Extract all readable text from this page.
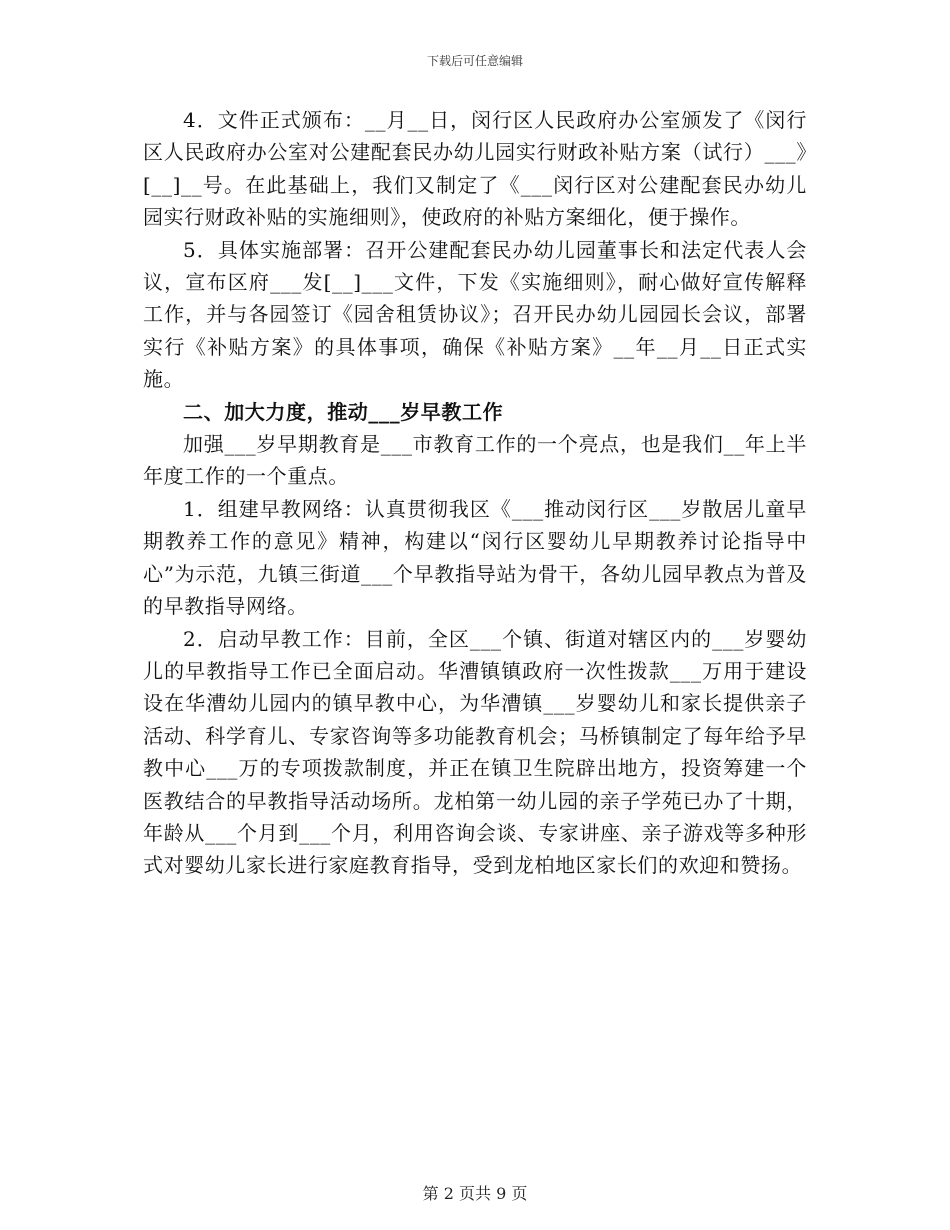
下载后可任意编辑

4．文件正式颁布：__月__日，闵行区人民政府办公室颁发了《闵行区人民政府办公室对公建配套民办幼儿园实行财政补贴方案（试行）___》[__]__号。在此基础上，我们又制定了《___闵行区对公建配套民办幼儿园实行财政补贴的实施细则》，使政府的补贴方案细化，便于操作。

5．具体实施部署：召开公建配套民办幼儿园董事长和法定代表人会议，宣布区府___发[__]___文件，下发《实施细则》，耐心做好宣传解释工作，并与各园签订《园舍租赁协议》；召开民办幼儿园园长会议，部署实行《补贴方案》的具体事项，确保《补贴方案》__年__月__日正式实施。

二、加大力度，推动___岁早教工作

加强___岁早期教育是___市教育工作的一个亮点，也是我们__年上半年度工作的一个重点。

1．组建早教网络：认真贯彻我区《___推动闵行区___岁散居儿童早期教养工作的意见》精神，构建以“闵行区婴幼儿早期教养讨论指导中心”为示范，九镇三街道___个早教指导站为骨干，各幼儿园早教点为普及的早教指导网络。

2．启动早教工作：目前，全区___个镇、街道对辖区内的___岁婴幼儿的早教指导工作已全面启动。华漕镇镇政府一次性拨款___万用于建设设在华漕幼儿园内的镇早教中心，为华漕镇___岁婴幼儿和家长提供亲子活动、科学育儿、专家咨询等多功能教育机会；马桥镇制定了每年给予早教中心___万的专项拨款制度，并正在镇卫生院辟出地方，投资筹建一个医教结合的早教指导活动场所。龙柏第一幼儿园的亲子学苑已办了十期，年龄从___个月到___个月，利用咨询会谈、专家讲座、亲子游戏等多种形式对婴幼儿家长进行家庭教育指导，受到龙柏地区家长们的欢迎和赞扬。

第 2 页共 9 页
